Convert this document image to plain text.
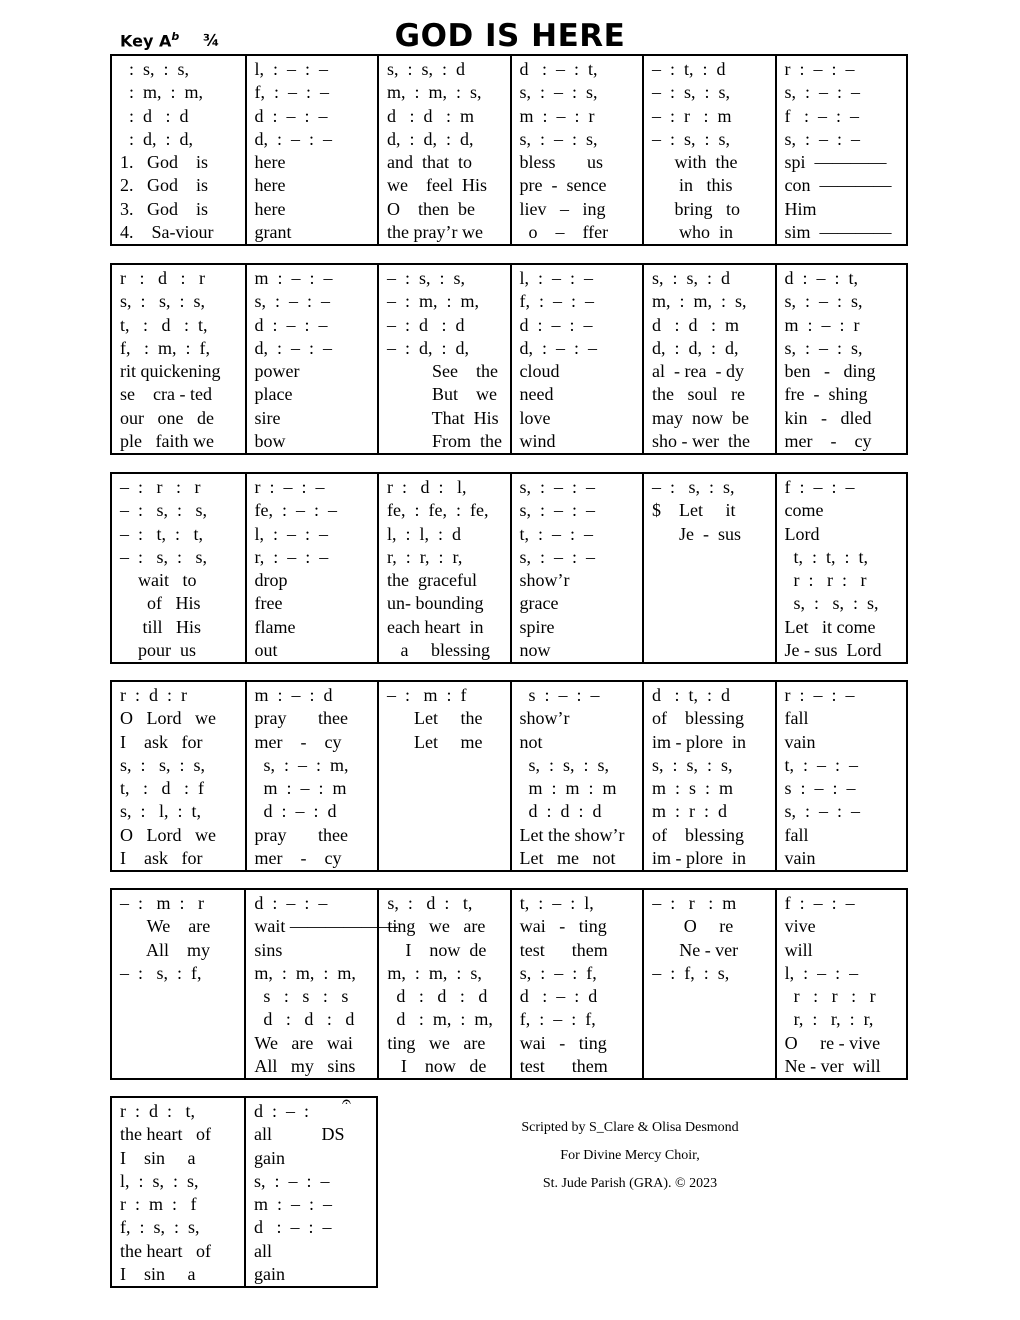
Key $A^b$ ¾	GOD IS HERE
:  s,  :  s,
:  m,  :  m,
:  d   :  d
:  d,  :  d,
1.   God    is
2.   God    is
3.   God    is
4.    Sa-viour
l,  :  –  :  –
f,  :  –  :  –
d  :  –  :  –
d,  :  –  :  –
here
here
here
grant
s,  :  s,  :  d
m,  :  m,  :  s,
d   :  d   :  m
d,  :  d,  :  d,
and  that  to
we    feel  His
O    then  be
the pray’r we
d   :  –  :  t,
s,  :  –  :  s,
m  :  –  :  r
s,  :  –  :  s,
bless       us
pre  -  sence
liev   –   ing
o    –    ffer
–  :  t,  :  d
–  :  s,  :  s,
–  :  r   :  m
–  :  s,  :  s,
with  the
in   this
bring   to
who  in
r  :  –  :  –
s,  :  –  :  –
f   :  –  :  –
s,  :  –  :  –
spi  ————
con  ————
Him
sim  ————
r   :   d   :   r
s,  :   s,  :  s,
t,   :   d   :  t,
f,   :  m,  :  f,
rit quickening
se    cra - ted
our   one   de
ple   faith we
m  :  –  :  –
s,  :  –  :  –
d  :  –  :  –
d,  :  –  :  –
power
place
sire
bow
–  :  s,  :  s,
–  :  m,  :  m,
–  :  d   :  d
–  :  d,  :  d,
See    the
But    we
That  His
From  the
l,  :  –  :  –
f,  :  –  :  –
d  :  –  :  –
d,  :  –  :  –
cloud
need
love
wind
s,  :  s,  :  d
m,  :  m,  :  s,
d   :  d   :  m
d,  :  d,  :  d,
al  - rea  - dy
the   soul   re
may  now  be
sho - wer  the
d  :  –  :  t,
s,  :  –  :  s,
m  :  –  :  r
s,  :  –  :  s,
ben   -   ding
fre  -  shing
kin   -   dled
mer    -    cy
–  :   r   :   r
–  :   s,  :   s,
–  :   t,  :   t,
–  :   s,  :   s,
wait   to
of   His
till   His
pour  us
r  :  –  :  –
fe,  :  –  :  –
l,  :  –  :  –
r,  :  –  :  –
drop
free
flame
out
r  :   d  :   l,
fe,  :  fe,  :  fe,
l,  :  l,  :  d
r,  :  r,  :  r,
the  graceful
un- bounding
each heart  in
a     blessing
s,  :  –  :  –
s,  :  –  :  –
t,  :  –  :  –
s,  :  –  :  –
show’r
grace
spire
now
–  :   s,  :  s,
$    Let     it
Je  -  sus
f  :  –  :  –
come
Lord
t,  :  t,  :  t,
r  :   r  :   r
s,  :   s,  :  s,
Let   it come
Je - sus  Lord
r  :  d  :  r
O   Lord   we
I    ask   for
s,  :   s,  :  s,
t,   :   d   :  f
s,  :   l,  :  t,
O   Lord   we
I    ask   for
m  :  –  :  d
pray       thee
mer    -    cy
s,  :  –  :  m,
m  :  –  :  m
d  :  –  :  d
pray       thee
mer    -    cy
–  :   m  :  f
Let     the
Let     me
s  :  –  :  –
show’r
not
s,  :  s,  :  s,
m  :  m  :  m
d  :  d  :  d
Let the show’r
Let   me   not
d   :  t,  :  d
of    blessing
im - plore  in
s,  :  s,  :  s,
m  :  s  :  m
m  :  r  :  d
of    blessing
im - plore  in
r  :  –  :  –
fall
vain
t,  :  –  :  –
s  :  –  :  –
s,  :  –  :  –
fall
vain
–  :   m  :   r
We    are
All    my
–  :   s,  :  f,
d  :  –  :  –
wait ——————
sins
m,  :  m,  :  m,
s   :   s   :   s
d   :   d   :   d
We   are   wai
All   my   sins
s,  :   d  :   t,
ting   we   are
I    now  de
m,  :  m,  :  s,
d   :   d   :   d
d   :  m,  :  m,
ting   we   are
I    now   de
t,  :  –  :  l,
wai   -   ting
test      them
s,  :  –  :  f,
d   :  –  :  d
f,  :  –  :  f,
wai   -   ting
test      them
–  :   r   :  m
O     re
Ne - ver
–  :  f,  :  s,
f  :  –  :  –
vive
will
l,  :  –  :  –
r   :   r   :   r
r,  :   r,  :  r,
O     re - vive
Ne - ver  will
r  :  d  :   t,
the heart   of
I    sin     a
l,  :  s,  :  s,
r  :  m  :   f
f,  :  s,  :  s,
the heart   of
I    sin     a
d  :  –  :
all           DS
gain
s,  :  –  :  –
m  :  –  :  –
d   :  –  :  –
all
gain
Scripted by S_Clare & Olisa Desmond
For Divine Mercy Choir,
St. Jude Parish (GRA). © 2023
𝄐
